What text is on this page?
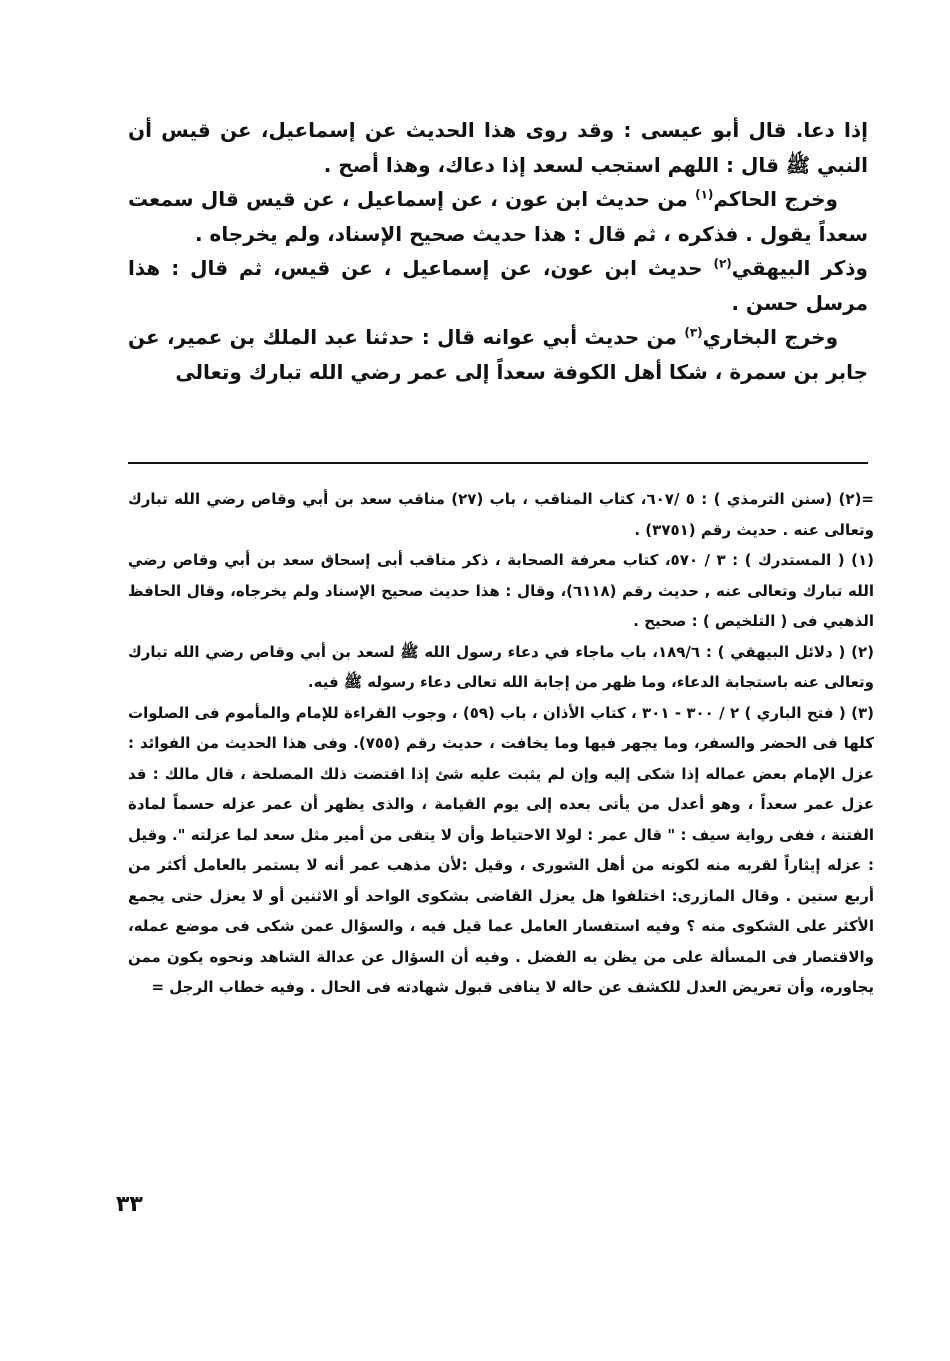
إذا دعا. قال أبو عيسى : وقد روى هذا الحديث عن إسماعيل، عن قيس أن النبي ﷺ قال : اللهم استجب لسعد إذا دعاك، وهذا أصح .

وخرج الحاكم$^{(١)}$ من حديث ابن عون ، عن إسماعيل ، عن قيس قال سمعت سعداً يقول . فذكره ، ثم قال : هذا حديث صحيح الإسناد، ولم يخرجاه .

وذكر البيهقي$^{(٢)}$ حديث ابن عون، عن إسماعيل ، عن قيس، ثم قال : هذا مرسل حسن .

وخرج البخاري$^{(٣)}$ من حديث أبي عوانه قال : حدثنا عبد الملك بن عمير، عن جابر بن سمرة ، شكا أهل الكوفة سعداً إلى عمر رضي الله تبارك وتعالى

=(٢) (سنن الترمذي ) : ٥ /٦٠٧، كتاب المناقب ، باب (٢٧) مناقب سعد بن أبي وقاص رضي الله تبارك وتعالى عنه . حديث رقم (٣٧٥١) .

(١) ( المستدرك ) : ٣ / ٥٧٠، كتاب معرفة الصحابة ، ذكر مناقب أبى إسحاق سعد بن أبي وقاص رضي الله تبارك وتعالى عنه , حديث رقم (٦١١٨)، وقال : هذا حديث صحيح الإسناد ولم يخرجاه، وقال الحافظ الذهبي فى ( التلخيص ) : صحيح .

(٢) ( دلائل البيهقي ) : ١٨٩/٦، باب ماجاء في دعاء رسول الله ﷺ لسعد بن أبي وقاص رضي الله تبارك وتعالى عنه باستجابة الدعاء، وما ظهر من إجابة الله تعالى دعاء رسوله ﷺ فيه.

(٣) ( فتح الباري ) ٢ / ٣٠٠ - ٣٠١ ، كتاب الأذان ، باب (٥٩) ، وجوب القراءة للإمام والمأموم فى الصلوات كلها فى الحضر والسفر، وما يجهر فيها وما يخافت ، حديث رقم (٧٥٥). وفى هذا الحديث من الفوائد : عزل الإمام بعض عماله إذا شكى إليه وإن لم يثبت عليه شئ إذا اقتضت ذلك المصلحة ، قال مالك : قد عزل عمر سعداً ، وهو أعدل من يأتى بعده إلى يوم القيامة ، والذى يظهر أن عمر عزله حسماً لمادة الفتنة ، ففى رواية سيف : " قال عمر : لولا الاحتياط وأن لا يتقى من أمير مثل سعد لما عزلته ". وقيل : عزله إيثاراً لقربه منه لكونه من أهل الشورى ، وقيل :لأن مذهب عمر أنه لا يستمر بالعامل أكثر من أربع سنين . وقال المازرى: اختلفوا هل يعزل القاضى بشكوى الواحد أو الاثنين أو لا يعزل حتى يجمع الأكثر على الشكوى منه ؟ وفيه استفسار العامل عما قيل فيه ، والسؤال عمن شكى فى موضع عمله، والاقتصار فى المسألة على من يظن به الفضل . وفيه أن السؤال عن عدالة الشاهد ونحوه يكون ممن يجاوره، وأن تعريض العدل للكشف عن حاله لا ينافى قبول شهادته فى الحال . وفيه خطاب الرجل =

٣٣
